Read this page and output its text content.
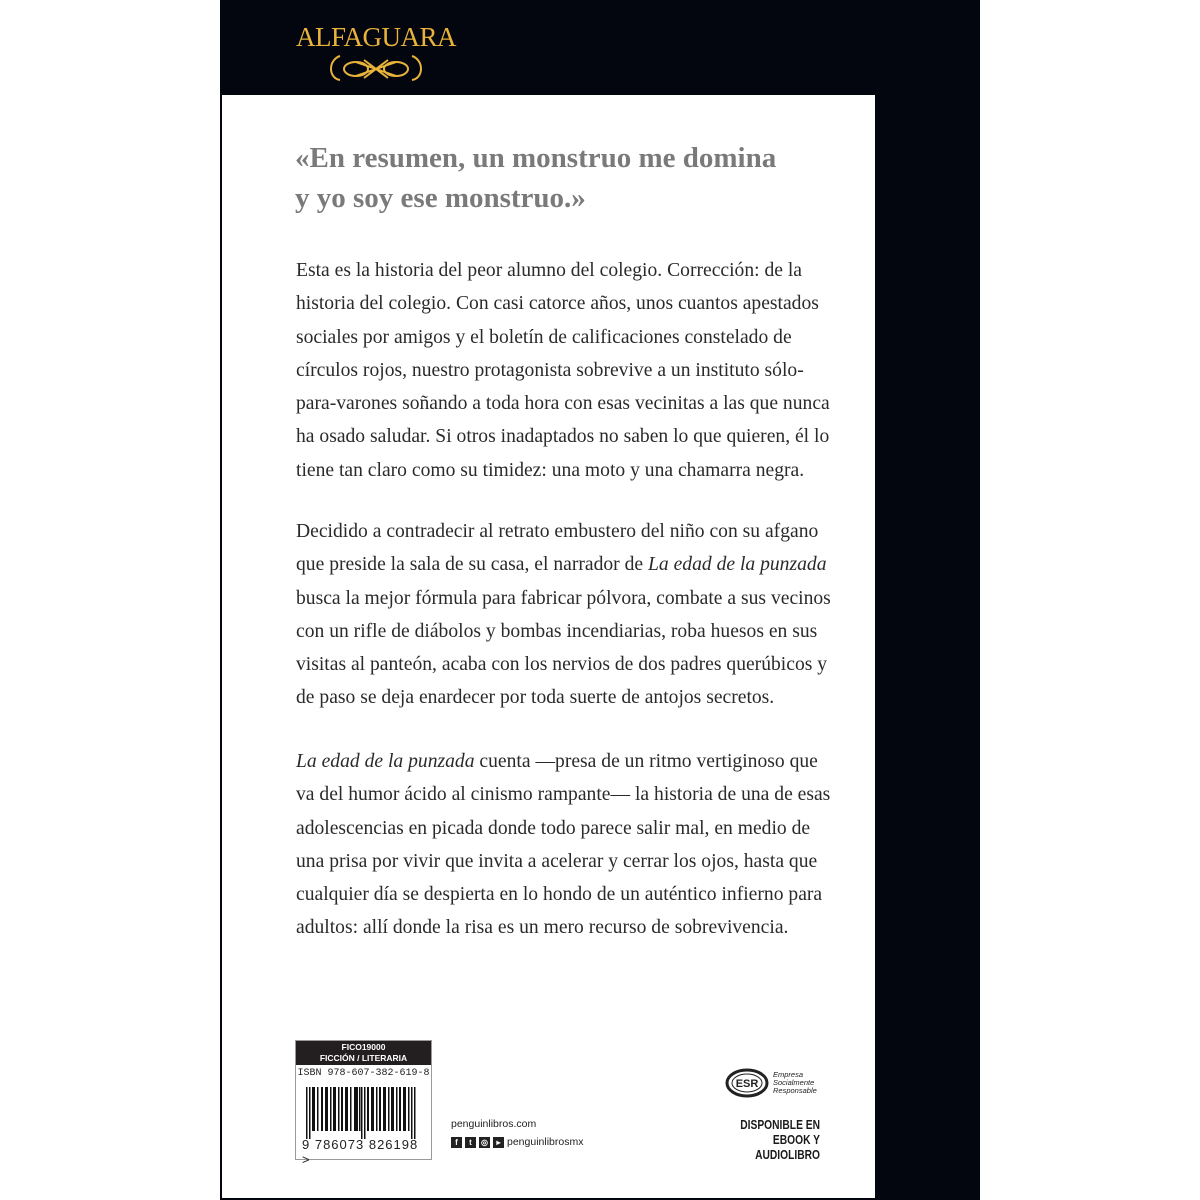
ALFAGUARA
«En resumen, un monstruo me domina
y yo soy ese monstruo.»

Esta es la historia del peor alumno del colegio. Corrección: de la historia del colegio. Con casi catorce años, unos cuantos apestados sociales por amigos y el boletín de calificaciones constelado de círculos rojos, nuestro protagonista sobrevive a un instituto sólo-para-varones soñando a toda hora con esas vecinitas a las que nunca ha osado saludar. Si otros inadaptados no saben lo que quieren, él lo tiene tan claro como su timidez: una moto y una chamarra negra.

Decidido a contradecir al retrato embustero del niño con su afgano que preside la sala de su casa, el narrador de La edad de la punzada busca la mejor fórmula para fabricar pólvora, combate a sus vecinos con un rifle de diábolos y bombas incendiarias, roba huesos en sus visitas al panteón, acaba con los nervios de dos padres querúbicos y de paso se deja enardecer por toda suerte de antojos secretos.

La edad de la punzada cuenta —presa de un ritmo vertiginoso que va del humor ácido al cinismo rampante— la historia de una de esas adolescencias en picada donde todo parece salir mal, en medio de una prisa por vivir que invita a acelerar y cerrar los ojos, hasta que cualquier día se despierta en lo hondo de un auténtico infierno para adultos: allí donde la risa es un mero recurso de sobrevivencia.

FICO19000
FICCIÓN / LITERARIA
ISBN 978-607-382-619-8
9 786073 826198 >
penguinlibros.com
f	t	◎	▸ penguinlibrosmx
ESR
Empresa
Socialmente
Responsable
DISPONIBLE EN
EBOOK Y AUDIOLIBRO
